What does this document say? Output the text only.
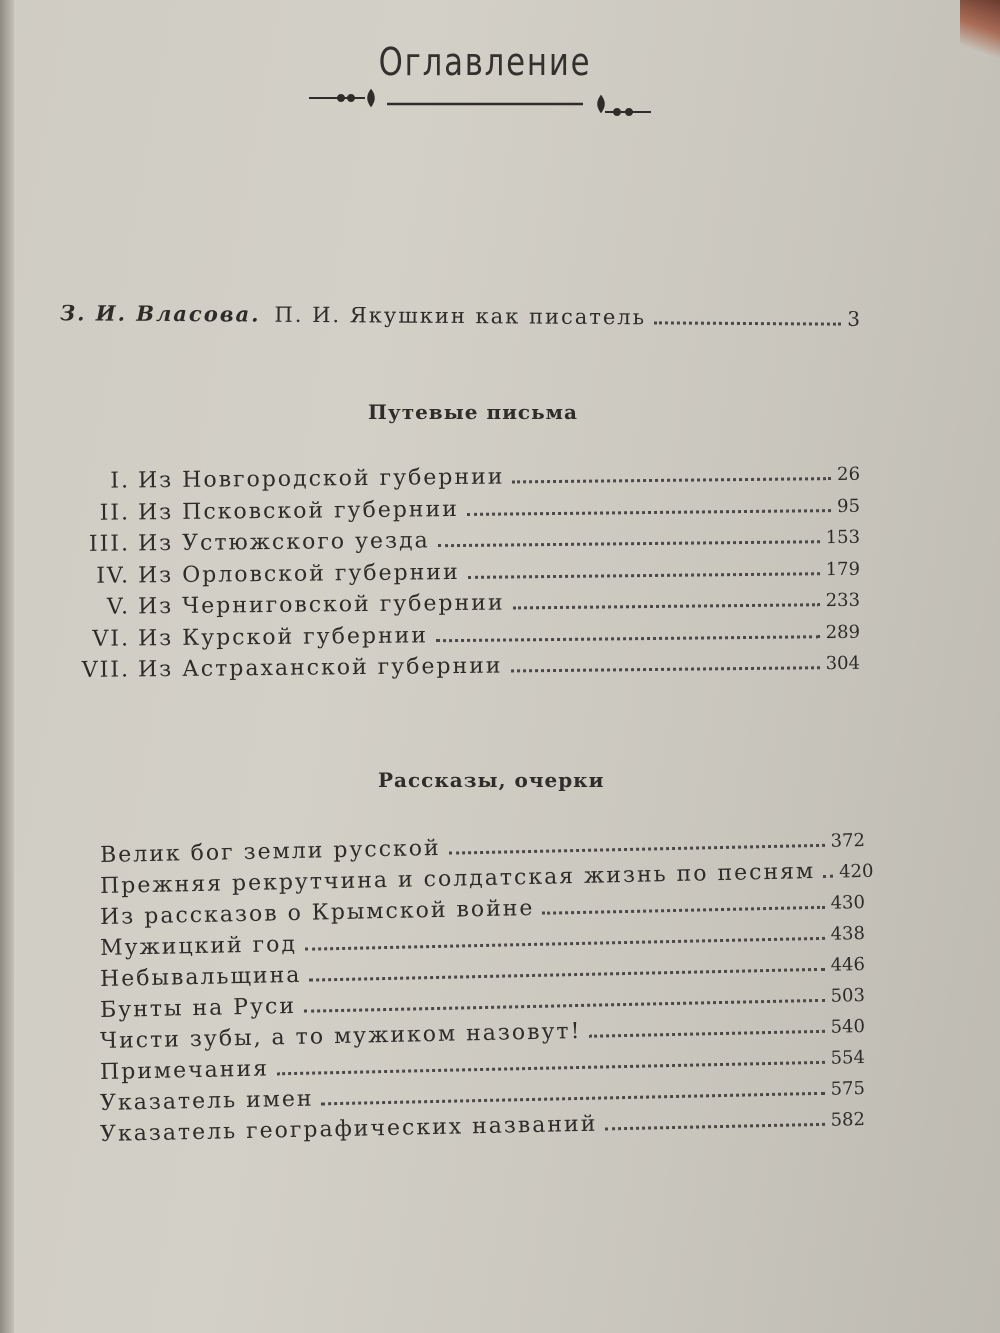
Оглавление
З. И. Власова. П. И. Якушкин как писатель	3
Путевые письма
I. Из Новгородской губернии	26
II. Из Псковской губернии	95
III. Из Устюжского уезда	153
IV. Из Орловской губернии	179
V. Из Черниговской губернии	233
VI. Из Курской губернии	289
VII. Из Астраханской губернии	304
Рассказы, очерки
Велик бог земли русской	372
Прежняя рекрутчина и солдатская жизнь по песням 420
Из рассказов о Крымской войне	430
Мужицкий год	438
Небывальщина	446
Бунты на Руси	503
Чисти зубы, а то мужиком назовут!	540
Примечания	554
Указатель имен	575
Указатель географических названий	582
